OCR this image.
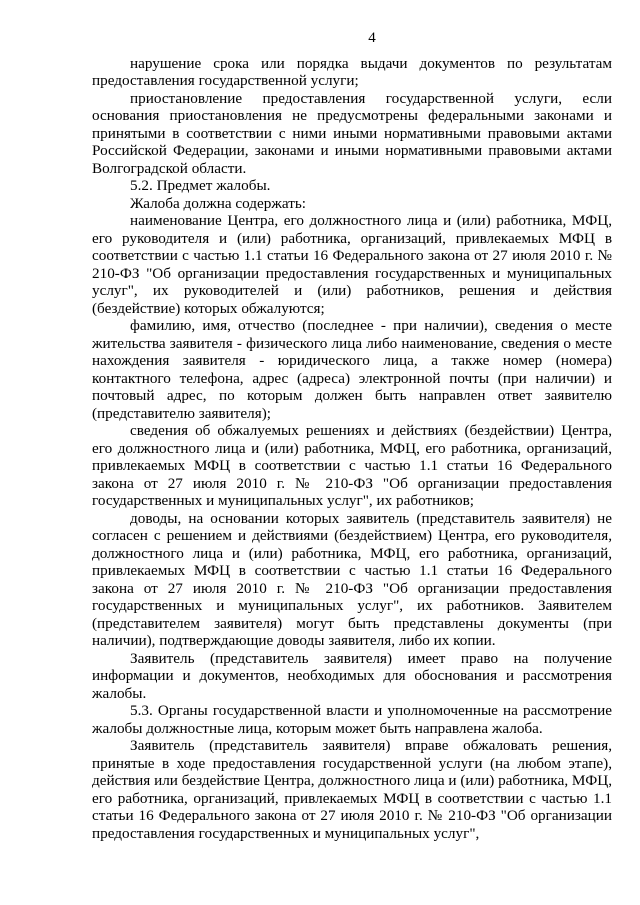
4

нарушение срока или порядка выдачи документов по результатам предоставления государственной услуги;

приостановление предоставления государственной услуги, если основания приостановления не предусмотрены федеральными законами и принятыми в соответствии с ними иными нормативными правовыми актами Российской Федерации, законами и иными нормативными правовыми актами Волгоградской области.

5.2. Предмет жалобы.

Жалоба должна содержать:

наименование Центра, его должностного лица и (или) работника, МФЦ, его руководителя и (или) работника, организаций, привлекаемых МФЦ в соответствии с частью 1.1 статьи 16 Федерального закона от 27 июля 2010 г. № 210-ФЗ "Об организации предоставления государственных и муниципальных услуг", их руководителей и (или) работников, решения и действия (бездействие) которых обжалуются;

фамилию, имя, отчество (последнее - при наличии), сведения о месте жительства заявителя - физического лица либо наименование, сведения о месте нахождения заявителя - юридического лица, а также номер (номера) контактного телефона, адрес (адреса) электронной почты (при наличии) и почтовый адрес, по которым должен быть направлен ответ заявителю (представителю заявителя);

сведения об обжалуемых решениях и действиях (бездействии) Центра, его должностного лица и (или) работника, МФЦ, его работника, организаций, привлекаемых МФЦ в соответствии с частью 1.1 статьи 16 Федерального закона от 27 июля 2010 г. № 210-ФЗ "Об организации предоставления государственных и муниципальных услуг", их работников;

доводы, на основании которых заявитель (представитель заявителя) не согласен с решением и действиями (бездействием) Центра, его руководителя, должностного лица и (или) работника, МФЦ, его работника, организаций, привлекаемых МФЦ в соответствии с частью 1.1 статьи 16 Федерального закона от 27 июля 2010 г. № 210-ФЗ "Об организации предоставления государственных и муниципальных услуг", их работников. Заявителем (представителем заявителя) могут быть представлены документы (при наличии), подтверждающие доводы заявителя, либо их копии.

Заявитель (представитель заявителя) имеет право на получение информации и документов, необходимых для обоснования и рассмотрения жалобы.

5.3. Органы государственной власти и уполномоченные на рассмотрение жалобы должностные лица, которым может быть направлена жалоба.

Заявитель (представитель заявителя) вправе обжаловать решения, принятые в ходе предоставления государственной услуги (на любом этапе), действия или бездействие Центра, должностного лица и (или) работника, МФЦ, его работника, организаций, привлекаемых МФЦ в соответствии с частью 1.1 статьи 16 Федерального закона от 27 июля 2010 г. № 210-ФЗ "Об организации предоставления государственных и муниципальных услуг",
